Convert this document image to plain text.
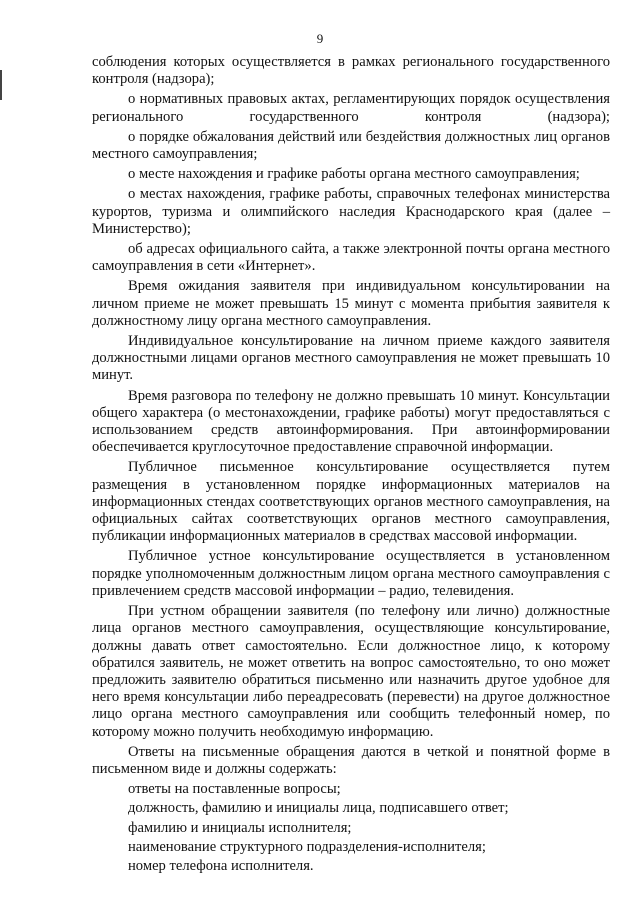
9

соблюдения которых осуществляется в рамках регионального государственного контроля (надзора);

о нормативных правовых актах, регламентирующих порядок осуществления регионального государственного контроля (надзора);

о порядке обжалования действий или бездействия должностных лиц органов местного самоуправления;

о месте нахождения и графике работы органа местного самоуправления;

о местах нахождения, графике работы, справочных телефонах министерства курортов, туризма и олимпийского наследия Краснодарского края (далее – Министерство);

об адресах официального сайта, а также электронной почты органа местного самоуправления в сети «Интернет».

Время ожидания заявителя при индивидуальном консультировании на личном приеме не может превышать 15 минут с момента прибытия заявителя к должностному лицу органа местного самоуправления.

Индивидуальное консультирование на личном приеме каждого заявителя должностными лицами органов местного самоуправления не может превышать 10 минут.

Время разговора по телефону не должно превышать 10 минут. Консультации общего характера (о местонахождении, графике работы) могут предоставляться с использованием средств автоинформирования. При автоинформировании обеспечивается круглосуточное предоставление справочной информации.

Публичное письменное консультирование осуществляется путем размещения в установленном порядке информационных материалов на информационных стендах соответствующих органов местного самоуправления, на официальных сайтах соответствующих органов местного самоуправления, публикации информационных материалов в средствах массовой информации.

Публичное устное консультирование осуществляется в установленном порядке уполномоченным должностным лицом органа местного самоуправления с привлечением средств массовой информации – радио, телевидения.

При устном обращении заявителя (по телефону или лично) должностные лица органов местного самоуправления, осуществляющие консультирование, должны давать ответ самостоятельно. Если должностное лицо, к которому обратился заявитель, не может ответить на вопрос самостоятельно, то оно может предложить заявителю обратиться письменно или назначить другое удобное для него время консультации либо переадресовать (перевести) на другое должностное лицо органа местного самоуправления или сообщить телефонный номер, по которому можно получить необходимую информацию.

Ответы на письменные обращения даются в четкой и понятной форме в письменном виде и должны содержать:

ответы на поставленные вопросы;

должность, фамилию и инициалы лица, подписавшего ответ;

фамилию и инициалы исполнителя;

наименование структурного подразделения-исполнителя;

номер телефона исполнителя.
